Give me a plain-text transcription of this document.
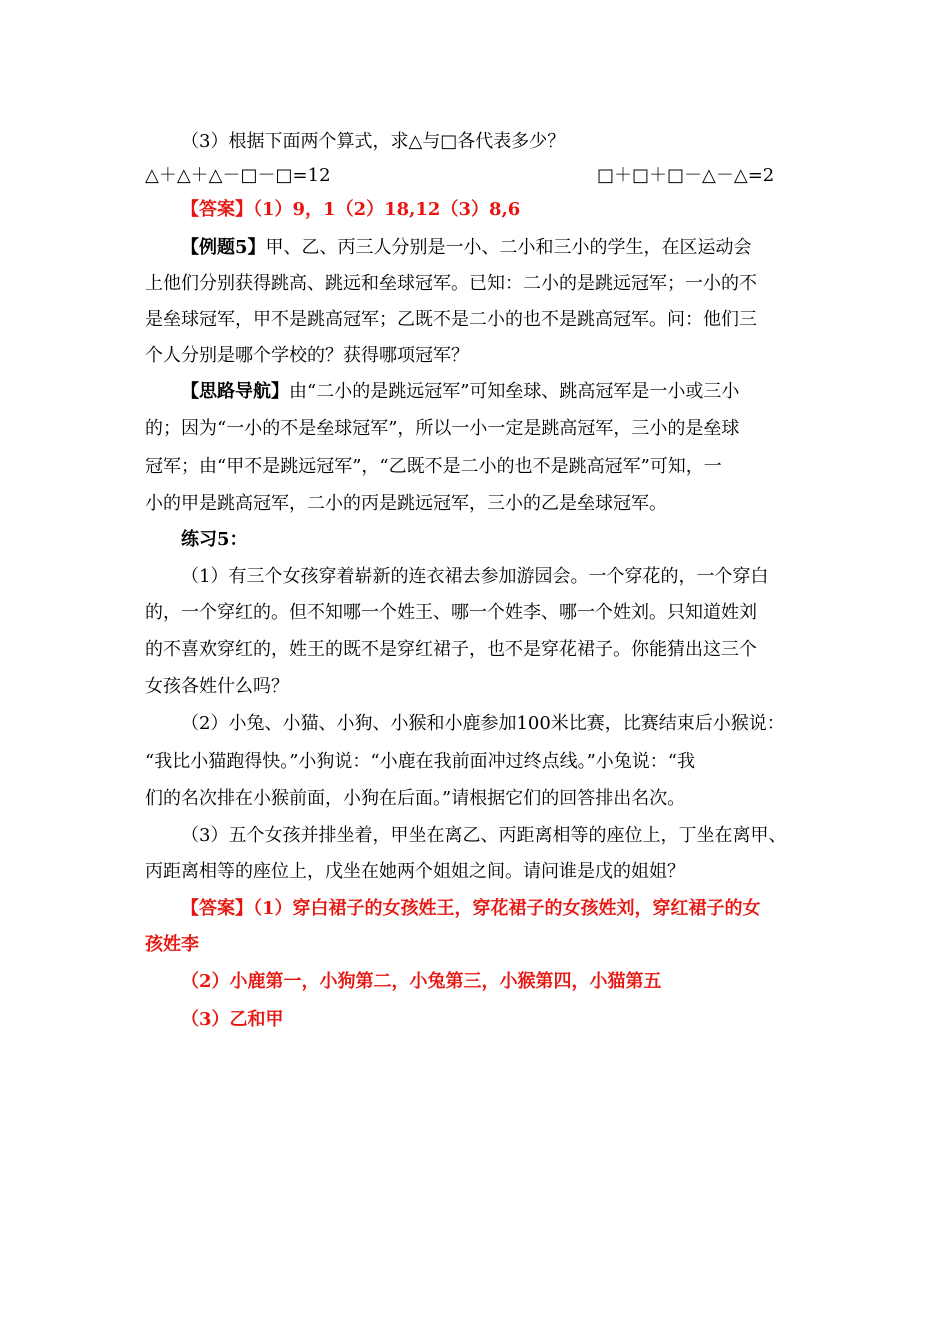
（3）根据下面两个算式，求△与□各代表多少？
△＋△＋△－□－□=12	□＋□＋□－△－△=2
【答案】（1）9，1（2）18,12（3）8,6
【例题5】甲、乙、丙三人分别是一小、二小和三小的学生，在区运动会
上他们分别获得跳高、跳远和垒球冠军。已知：二小的是跳远冠军；一小的不
是垒球冠军，甲不是跳高冠军；乙既不是二小的也不是跳高冠军。问：他们三
个人分别是哪个学校的？获得哪项冠军？
【思路导航】由“二小的是跳远冠军”可知垒球、跳高冠军是一小或三小
的；因为“一小的不是垒球冠军”，所以一小一定是跳高冠军，三小的是垒球
冠军；由“甲不是跳远冠军”，“乙既不是二小的也不是跳高冠军”可知，一
小的甲是跳高冠军，二小的丙是跳远冠军，三小的乙是垒球冠军。
练习5：
（1）有三个女孩穿着崭新的连衣裙去参加游园会。一个穿花的，一个穿白
的，一个穿红的。但不知哪一个姓王、哪一个姓李、哪一个姓刘。只知道姓刘
的不喜欢穿红的，姓王的既不是穿红裙子，也不是穿花裙子。你能猜出这三个
女孩各姓什么吗？
（2）小兔、小猫、小狗、小猴和小鹿参加100米比赛，比赛结束后小猴说：
“我比小猫跑得快。”小狗说：“小鹿在我前面冲过终点线。”小兔说：“我
们的名次排在小猴前面，小狗在后面。”请根据它们的回答排出名次。
（3）五个女孩并排坐着，甲坐在离乙、丙距离相等的座位上，丁坐在离甲、
丙距离相等的座位上，戊坐在她两个姐姐之间。请问谁是戊的姐姐？
【答案】（1）穿白裙子的女孩姓王，穿花裙子的女孩姓刘，穿红裙子的女
孩姓李
（2）小鹿第一，小狗第二，小兔第三，小猴第四，小猫第五
（3）乙和甲
